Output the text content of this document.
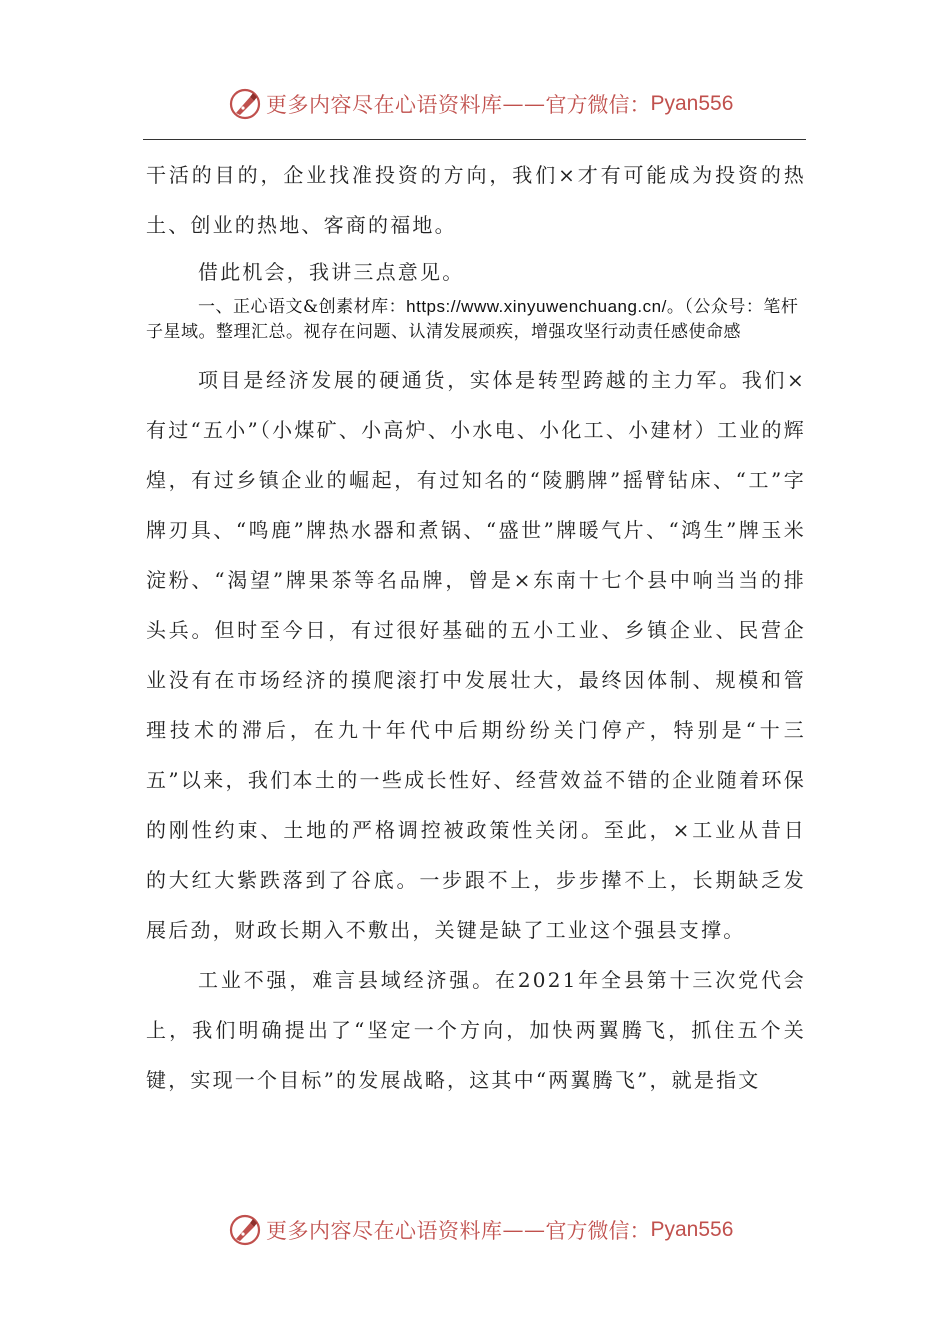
更多内容尽在心语资料库 —— 官方微信： Pyan556

干活的目的，企业找准投资的方向，我们×才有可能成为投资的热土、创业的热地、客商的福地。

借此机会，我讲三点意见。

一、正心语文&创素材库：https://www.xinyuwenchuang.cn/。（公众号：笔杆子星域。整理汇总。视存在问题、认清发展顽疾，增强攻坚行动责任感使命感

项目是经济发展的硬通货，实体是转型跨越的主力军。我们×有过“五小”（小煤矿、小高炉、小水电、小化工、小建材）工业的辉煌，有过乡镇企业的崛起，有过知名的“陵鹏牌”摇臂钻床、“工”字牌刃具、“鸣鹿”牌热水器和煮锅、“盛世”牌暖气片、“鸿生”牌玉米淀粉、“渴望”牌果茶等名品牌，曾是×东南十七个县中响当当的排头兵。但时至今日，有过很好基础的五小工业、乡镇企业、民营企业没有在市场经济的摸爬滚打中发展壮大，最终因体制、规模和管理技术的滞后，在九十年代中后期纷纷关门停产，特别是“十三五”以来，我们本土的一些成长性好、经营效益不错的企业随着环保的刚性约束、土地的严格调控被政策性关闭。至此，×工业从昔日的大红大紫跌落到了谷底。一步跟不上，步步撵不上，长期缺乏发展后劲，财政长期入不敷出，关键是缺了工业这个强县支撑。

工业不强，难言县域经济强。在2021年全县第十三次党代会上，我们明确提出了“坚定一个方向，加快两翼腾飞，抓住五个关键，实现一个目标”的发展战略，这其中“两翼腾飞”，就是指文

更多内容尽在心语资料库 —— 官方微信： Pyan556
